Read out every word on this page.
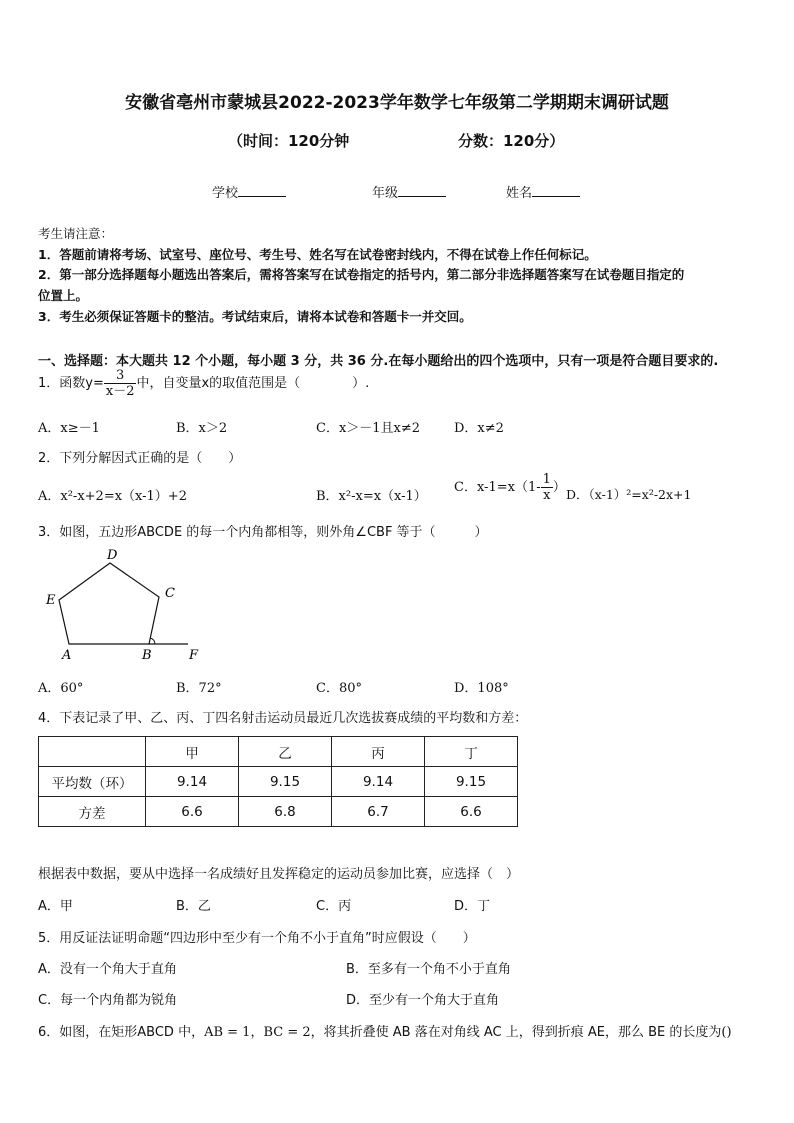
安徽省亳州市蒙城县2022-2023学年数学七年级第二学期期末调研试题
（时间：120分钟	分数：120分）
学校	年级	姓名
考生请注意：
1．答题前请将考场、试室号、座位号、考生号、姓名写在试卷密封线内，不得在试卷上作任何标记。
2．第一部分选择题每小题选出答案后，需将答案写在试卷指定的括号内，第二部分非选择题答案写在试卷题目指定的
位置上。
3．考生必须保证答题卡的整洁。考试结束后，请将本试卷和答题卡一并交回。
一、选择题：本大题共 12 个小题，每小题 3 分，共 36 分.在每小题给出的四个选项中，只有一项是符合题目要求的.
1．函数$y= \frac{3}{x-2}$ 中，自变量x的取值范围是（　　　　）.
A．x≥－1	B．x＞2	C．x＞－1且x≠2	D．x≠2
2．下列分解因式正确的是（　　）
A．x²-x+2=x（x-1）+2	B．x²-x=x（x-1）
C．$x-1=x(1- \frac{1}{x}$ ） D．（x-1）²=x²-2x+1
3．如图，五边形ABCDE 的每一个内角都相等，则外角∠CBF 等于（　　　）
D
C
E
A	B	F
A．60°	B．72°	C．80°	D．108°
4．下表记录了甲、乙、丙、丁四名射击运动员最近几次选拔赛成绩的平均数和方差：
	甲	乙	丙	丁
平均数（环）	9.14	9.15	9.14	9.15
方差	6.6	6.8	6.7	6.6
根据表中数据，要从中选择一名成绩好且发挥稳定的运动员参加比赛，应选择（　）
A．甲	B．乙	C．丙	D．丁
5．用反证法证明命题“四边形中至少有一个角不小于直角”时应假设（　　）
A．没有一个角大于直角	B．至多有一个角不小于直角
C．每一个内角都为锐角	D．至少有一个角大于直角
6．如图，在矩形ABCD 中，AB = 1，BC = 2，将其折叠使 AB 落在对角线 AC 上，得到折痕 AE，那么 BE 的长度为()
